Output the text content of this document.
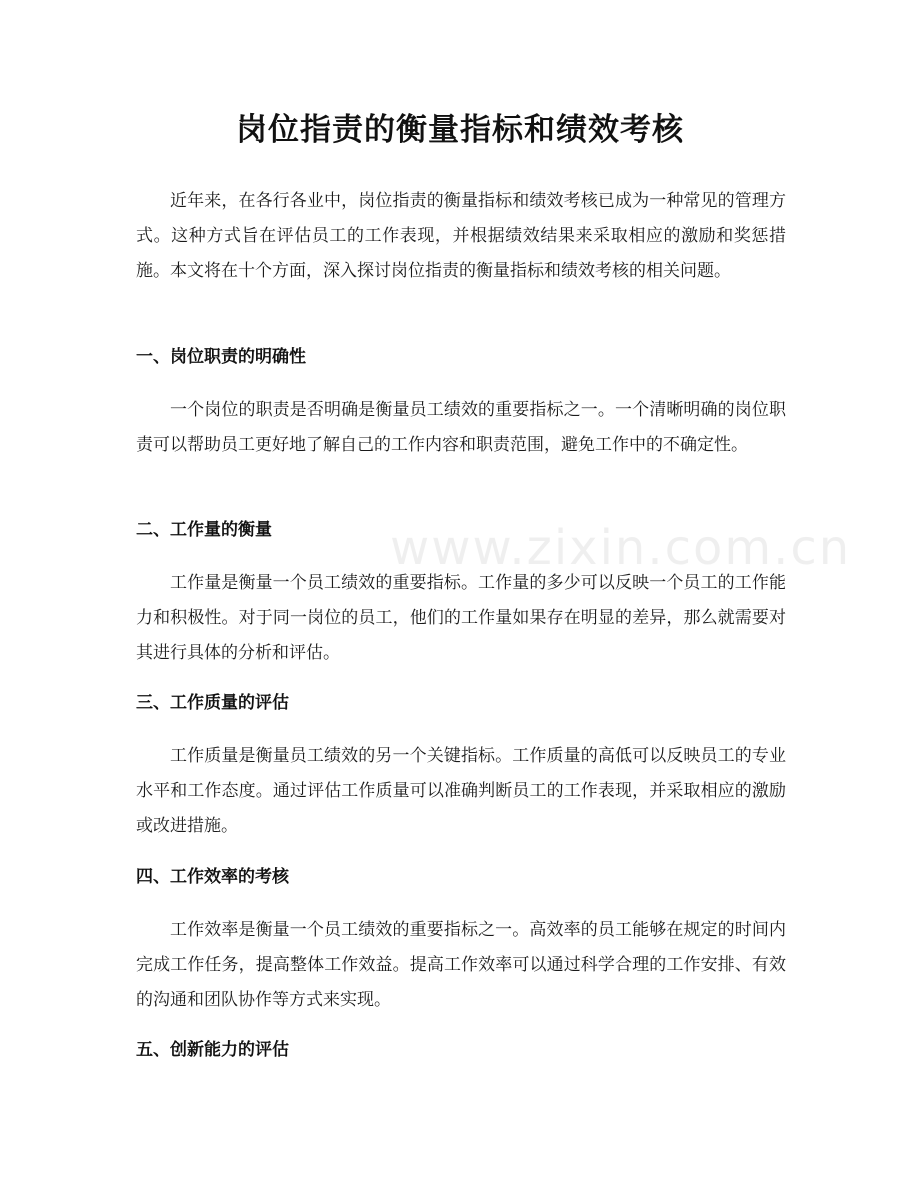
www.zixin.com.cn
岗位指责的衡量指标和绩效考核

近年来，在各行各业中，岗位指责的衡量指标和绩效考核已成为一种常见的管理方式。这种方式旨在评估员工的工作表现，并根据绩效结果来采取相应的激励和奖惩措施。本文将在十个方面，深入探讨岗位指责的衡量指标和绩效考核的相关问题。

一、岗位职责的明确性

一个岗位的职责是否明确是衡量员工绩效的重要指标之一。一个清晰明确的岗位职责可以帮助员工更好地了解自己的工作内容和职责范围，避免工作中的不确定性。

二、工作量的衡量

工作量是衡量一个员工绩效的重要指标。工作量的多少可以反映一个员工的工作能力和积极性。对于同一岗位的员工，他们的工作量如果存在明显的差异，那么就需要对其进行具体的分析和评估。

三、工作质量的评估

工作质量是衡量员工绩效的另一个关键指标。工作质量的高低可以反映员工的专业水平和工作态度。通过评估工作质量可以准确判断员工的工作表现，并采取相应的激励或改进措施。

四、工作效率的考核

工作效率是衡量一个员工绩效的重要指标之一。高效率的员工能够在规定的时间内完成工作任务，提高整体工作效益。提高工作效率可以通过科学合理的工作安排、有效的沟通和团队协作等方式来实现。

五、创新能力的评估
